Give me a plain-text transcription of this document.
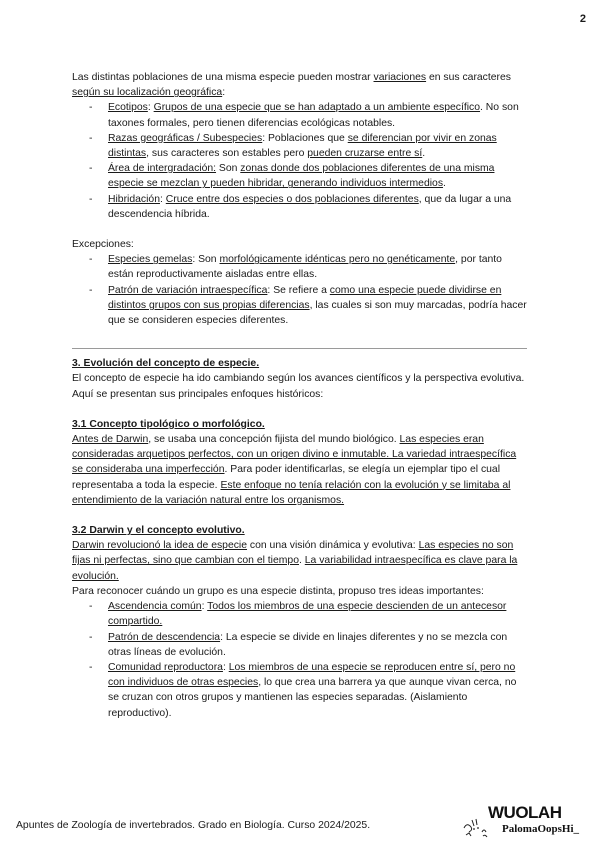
2

Las distintas poblaciones de una misma especie pueden mostrar variaciones en sus caracteres según su localización geográfica:

- Ecotipos: Grupos de una especie que se han adaptado a un ambiente específico. No son taxones formales, pero tienen diferencias ecológicas notables.
- Razas geográficas / Subespecies: Poblaciones que se diferencian por vivir en zonas distintas, sus caracteres son estables pero pueden cruzarse entre sí.
- Área de intergradación: Son zonas donde dos poblaciones diferentes de una misma especie se mezclan y pueden hibridar, generando individuos intermedios.
- Hibridación: Cruce entre dos especies o dos poblaciones diferentes, que da lugar a una descendencia híbrida.

Excepciones:

- Especies gemelas: Son morfológicamente idénticas pero no genéticamente, por tanto están reproductivamente aisladas entre ellas.
- Patrón de variación intraespecífica: Se refiere a como una especie puede dividirse en distintos grupos con sus propias diferencias, las cuales si son muy marcadas, podría hacer que se consideren especies diferentes.

3. Evolución del concepto de especie.

El concepto de especie ha ido cambiando según los avances científicos y la perspectiva evolutiva. Aquí se presentan sus principales enfoques históricos:

3.1 Concepto tipológico o morfológico.

Antes de Darwin, se usaba una concepción fijista del mundo biológico. Las especies eran consideradas arquetipos perfectos, con un origen divino e inmutable. La variedad intraespecífica se consideraba una imperfección. Para poder identificarlas, se elegía un ejemplar tipo el cual representaba a toda la especie. Este enfoque no tenía relación con la evolución y se limitaba al entendimiento de la variación natural entre los organismos.

3.2 Darwin y el concepto evolutivo.

Darwin revolucionó la idea de especie con una visión dinámica y evolutiva: Las especies no son fijas ni perfectas, sino que cambian con el tiempo. La variabilidad intraespecífica es clave para la evolución.

Para reconocer cuándo un grupo es una especie distinta, propuso tres ideas importantes:

- Ascendencia común: Todos los miembros de una especie descienden de un antecesor compartido.
- Patrón de descendencia: La especie se divide en linajes diferentes y no se mezcla con otras líneas de evolución.
- Comunidad reproductora: Los miembros de una especie se reproducen entre sí, pero no con individuos de otras especies, lo que crea una barrera ya que aunque vivan cerca, no se cruzan con otros grupos y mantienen las especies separadas. (Aislamiento reproductivo).
Apuntes de Zoología de invertebrados. Grado en Biología. Curso 2024/2025.
WUOLAH
PalomaOopsHi_
